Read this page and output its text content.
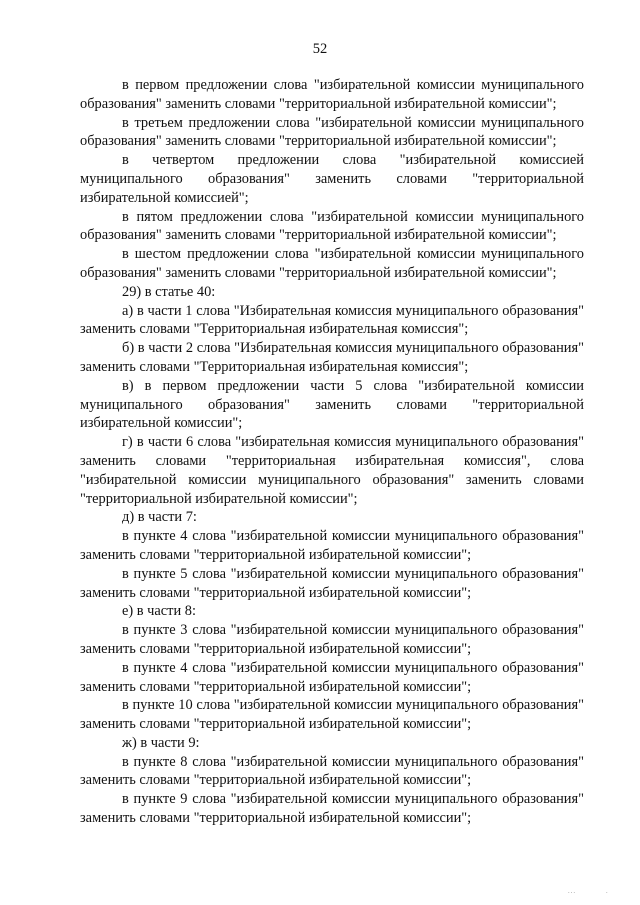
52

в первом предложении слова "избирательной комиссии муниципального образования" заменить словами "территориальной избирательной комиссии";

в третьем предложении слова "избирательной комиссии муниципального образования" заменить словами "территориальной избирательной комиссии";

в четвертом предложении слова "избирательной комиссией муниципального образования" заменить словами "территориальной избирательной комиссией";

в пятом предложении слова "избирательной комиссии муниципального образования" заменить словами "территориальной избирательной комиссии";

в шестом предложении слова "избирательной комиссии муниципального образования" заменить словами "территориальной избирательной комиссии";

29) в статье 40:

а) в части 1 слова "Избирательная комиссия муниципального образования" заменить словами "Территориальная избирательная комиссия";

б) в части 2 слова "Избирательная комиссия муниципального образования" заменить словами "Территориальная избирательная комиссия";

в) в первом предложении части 5 слова "избирательной комиссии муниципального образования" заменить словами "территориальной избирательной комиссии";

г) в части 6 слова "избирательная комиссия муниципального образования" заменить словами "территориальная избирательная комиссия", слова "избирательной комиссии муниципального образования" заменить словами "территориальной избирательной комиссии";

д) в части 7:

в пункте 4 слова "избирательной комиссии муниципального образования" заменить словами "территориальной избирательной комиссии";

в пункте 5 слова "избирательной комиссии муниципального образования" заменить словами "территориальной избирательной комиссии";

е) в части 8:

в пункте 3 слова "избирательной комиссии муниципального образования" заменить словами "территориальной избирательной комиссии";

в пункте 4 слова "избирательной комиссии муниципального образования" заменить словами "территориальной избирательной комиссии";

в пункте 10 слова "избирательной комиссии муниципального образования" заменить словами "территориальной избирательной комиссии";

ж) в части 9:

в пункте 8 слова "избирательной комиссии муниципального образования" заменить словами "территориальной избирательной комиссии";

в пункте 9 слова "избирательной комиссии муниципального образования" заменить словами "территориальной избирательной комиссии";

...	.
